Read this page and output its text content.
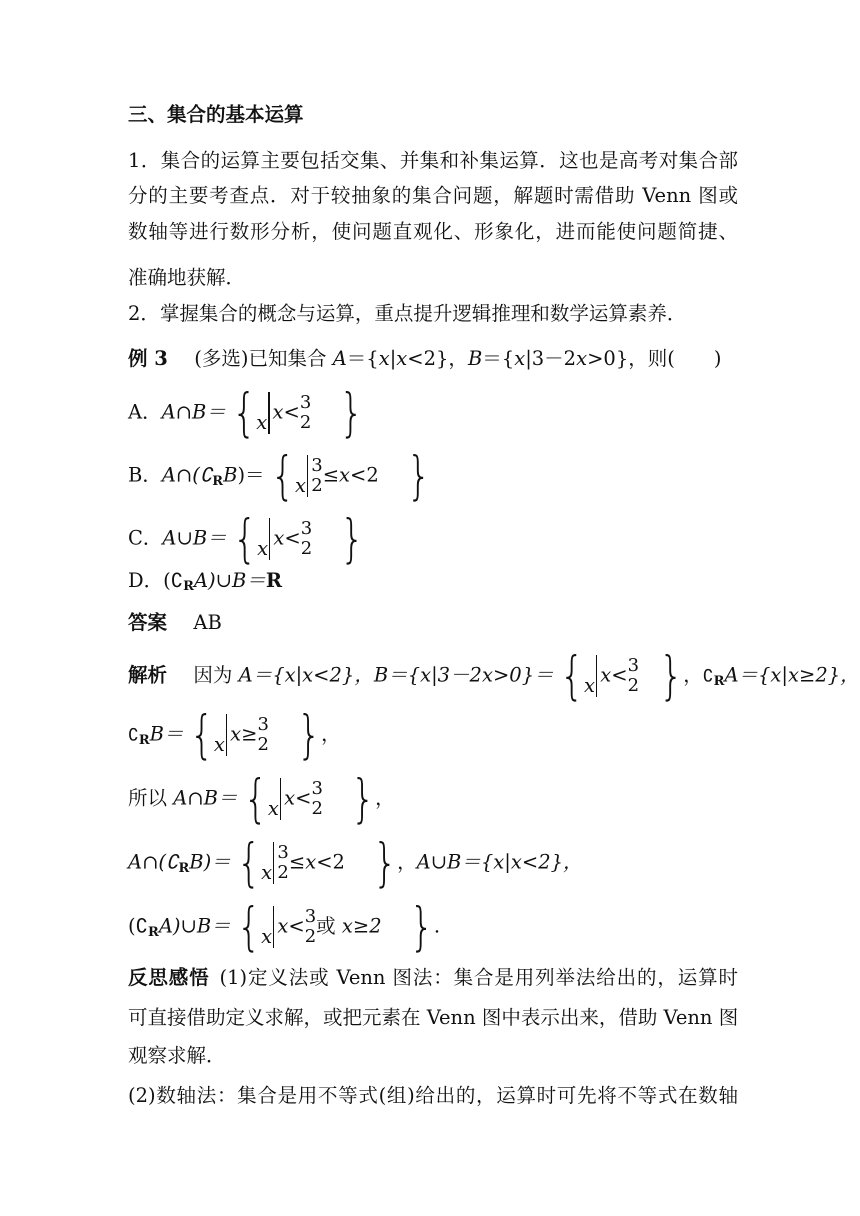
三、集合的基本运算
1．集合的运算主要包括交集、并集和补集运算．这也是高考对集合部
分的主要考查点．对于较抽象的集合问题，解题时需借助 Venn 图或
数轴等进行数形分析，使问题直观化、形象化，进而能使问题简捷、
准确地获解．
2．掌握集合的概念与运算，重点提升逻辑推理和数学运算素养．
例 3 (多选)已知集合 A＝{x|x<2}，B＝{x|3－2x>0}，则(　　)
A．A∩B＝ {x x< 3
2 }
B．A∩(∁RB)＝ {x
3
2 ≤x<2 }
C．A∪B＝ {x x< 3
2 }
D．(∁RA)∪B＝R
答案 AB
解析 因为 A＝{x|x<2}，B＝{x|3－2x>0}＝ {x x< 3
2 }，∁RA＝{x|x≥2}，
∁RB＝ {x x≥ 3
2 }，
所以 A∩B＝ {x x< 3
2 }，
A∩(∁RB)＝ {x
3
2 ≤x<2 }，A∪B＝{x|x<2}，
(∁RA)∪B＝ {x x< 3
2 或 x≥2 }.
反思感悟 (1)定义法或 Venn 图法：集合是用列举法给出的，运算时
可直接借助定义求解，或把元素在 Venn 图中表示出来，借助 Venn 图
观察求解．
(2)数轴法：集合是用不等式(组)给出的，运算时可先将不等式在数轴
